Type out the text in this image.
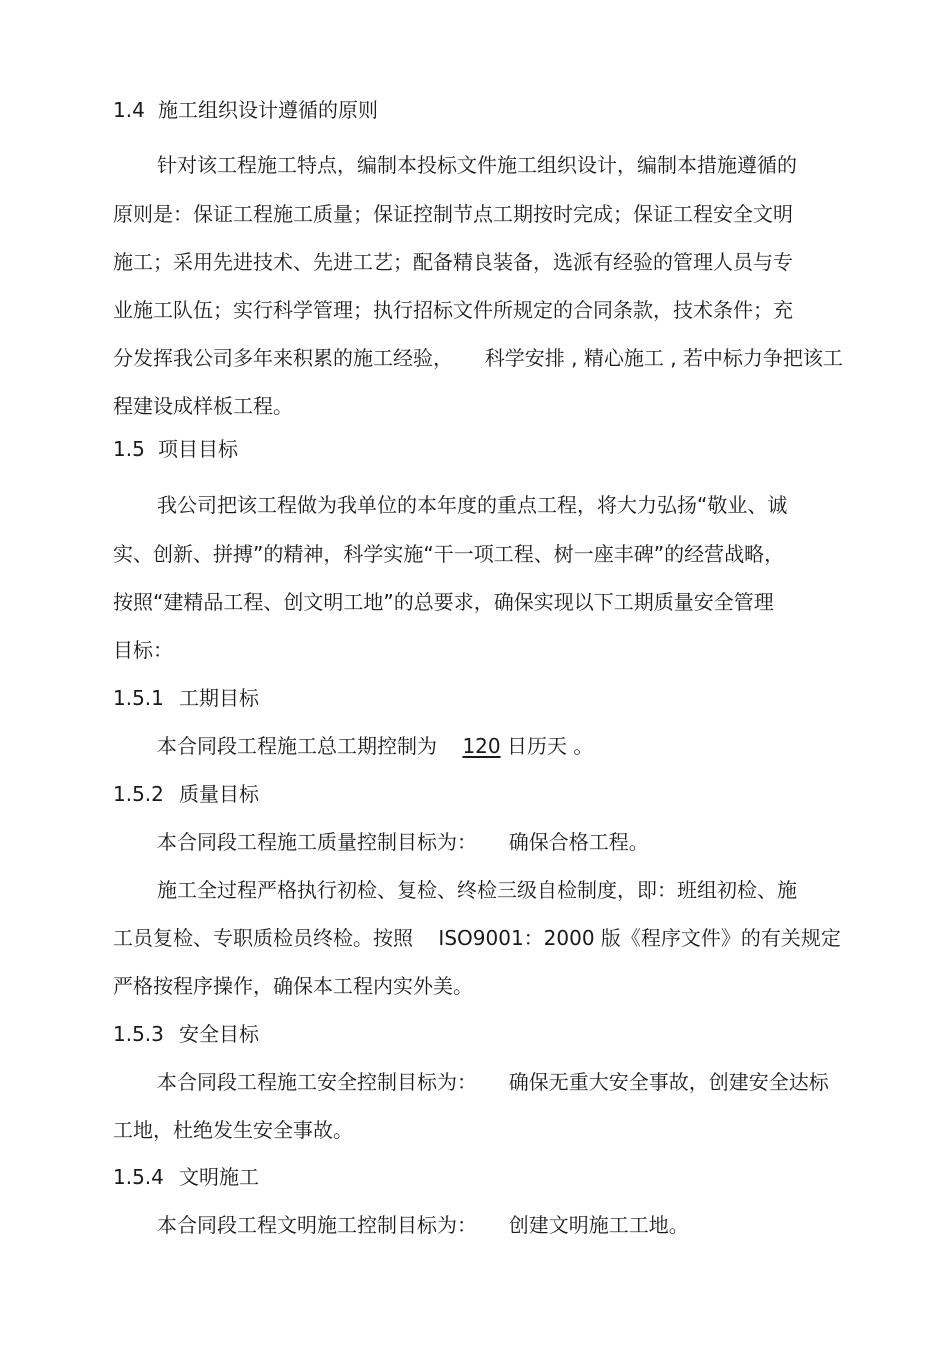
1.4 施工组织设计遵循的原则
针对该工程施工特点，编制本投标文件施工组织设计，编制本措施遵循的
原则是：保证工程施工质量；保证控制节点工期按时完成；保证工程安全文明
施工；采用先进技术、先进工艺；配备精良装备，选派有经验的管理人员与专
业施工队伍；实行科学管理；执行招标文件所规定的合同条款，技术条件；充
分发挥我公司多年来积累的施工经验，     科学安排 , 精心施工 , 若中标力争把该工
程建设成样板工程。
1.5 项目目标
我公司把该工程做为我单位的本年度的重点工程，将大力弘扬“敬业、诚
实、创新、拼搏”的精神，科学实施“干一项工程、树一座丰碑”的经营战略，
按照“建精品工程、创文明工地”的总要求，确保实现以下工期质量安全管理
目标：
1.5.1 工期目标
本合同段工程施工总工期控制为    120 日历天 。
1.5.2 质量目标
本合同段工程施工质量控制目标为：     确保合格工程。
施工全过程严格执行初检、复检、终检三级自检制度，即：班组初检、施
工员复检、专职质检员终检。按照    ISO9001：2000 版《程序文件》的有关规定
严格按程序操作，确保本工程内实外美。
1.5.3 安全目标
本合同段工程施工安全控制目标为：     确保无重大安全事故，创建安全达标
工地，杜绝发生安全事故。
1.5.4 文明施工
本合同段工程文明施工控制目标为：     创建文明施工工地。
